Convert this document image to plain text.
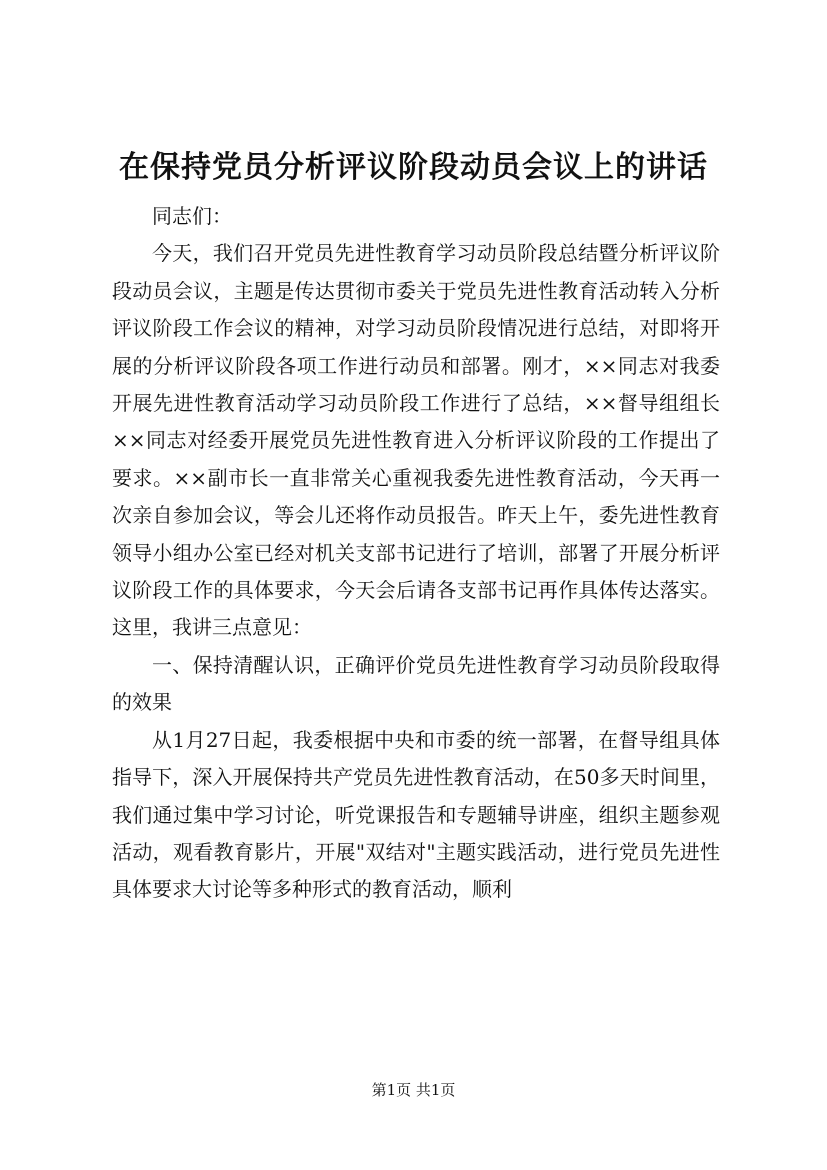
在保持党员分析评议阶段动员会议上的讲话

同志们：

今天，我们召开党员先进性教育学习动员阶段总结暨分析评议阶段动员会议，主题是传达贯彻市委关于党员先进性教育活动转入分析评议阶段工作会议的精神，对学习动员阶段情况进行总结，对即将开展的分析评议阶段各项工作进行动员和部署。刚才，××同志对我委开展先进性教育活动学习动员阶段工作进行了总结，××督导组组长××同志对经委开展党员先进性教育进入分析评议阶段的工作提出了要求。××副市长一直非常关心重视我委先进性教育活动，今天再一次亲自参加会议，等会儿还将作动员报告。昨天上午，委先进性教育领导小组办公室已经对机关支部书记进行了培训，部署了开展分析评议阶段工作的具体要求，今天会后请各支部书记再作具体传达落实。这里，我讲三点意见：

一、保持清醒认识，正确评价党员先进性教育学习动员阶段取得的效果

从1月27日起，我委根据中央和市委的统一部署，在督导组具体指导下，深入开展保持共产党员先进性教育活动，在50多天时间里，我们通过集中学习讨论，听党课报告和专题辅导讲座，组织主题参观活动，观看教育影片，开展"双结对"主题实践活动，进行党员先进性具体要求大讨论等多种形式的教育活动，顺利

第1页 共1页
